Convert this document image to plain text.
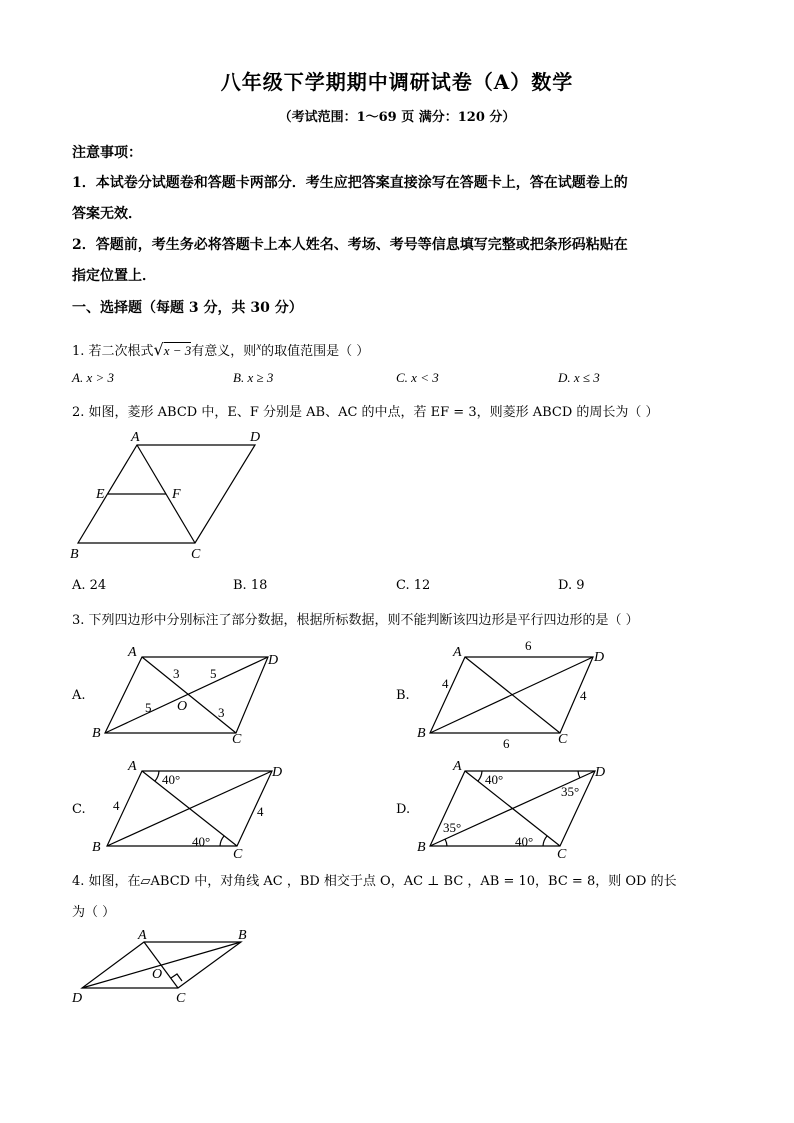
八年级下学期期中调研试卷（A）数学
（考试范围：1～69 页 满分：120 分）
注意事项：
1．本试卷分试题卷和答题卡两部分．考生应把答案直接涂写在答题卡上，答在试题卷上的
答案无效．
2．答题前，考生务必将答题卡上本人姓名、考场、考号等信息填写完整或把条形码粘贴在
指定位置上．
一、选择题（每题 3 分，共 30 分）
1. 若二次根式√x − 3有意义，则$^x$的取值范围是（ ）
A. x > 3	B. x ≥ 3	C. x < 3	D. x ≤ 3
2. 如图，菱形 ABCD 中，E、F 分别是 AB、AC 的中点，若 EF = 3，则菱形 ABCD 的周长为（ ）
A	D
E	F
B	C
A. 24	B. 18	C. 12	D. 9
3. 下列四边形中分别标注了部分数据，根据所标数据，则不能判断该四边形是平行四边形的是（ ）
A.	B.
C.	D.
A
D
B	C
O
3 5
5	3
A	D
B	C
6
4
4
6
A	D
B	C
40°
40°
4	4
A	D
B	C
40°
35°
35°
40°
4. 如图，在▱ABCD 中，对角线 AC ，BD 相交于点 O，AC ⊥ BC ，AB = 10，BC = 8，则 OD 的长
为（ ）
A	B
O
D	C
